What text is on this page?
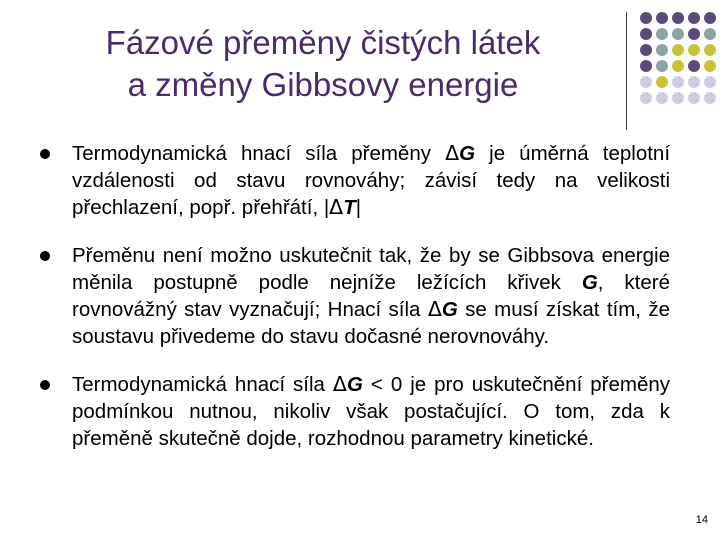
Fázové přeměny čistých látek
a změny Gibbsovy energie
Termodynamická hnací síla přeměny ΔG je úměrná teplotní vzdálenosti od stavu rovnováhy; závisí tedy na velikosti přechlazení, popř. přehřátí, |ΔT|
Přeměnu není možno uskutečnit tak, že by se Gibbsova energie měnila postupně podle nejníže ležících křivek G, které rovnovážný stav vyznačují; Hnací síla ΔG se musí získat tím, že soustavu přivedeme do stavu dočasné nerovnováhy.
Termodynamická hnací síla ΔG < 0 je pro uskutečnění přeměny podmínkou nutnou, nikoliv však postačující. O tom, zda k přeměně skutečně dojde, rozhodnou parametry kinetické.
14
